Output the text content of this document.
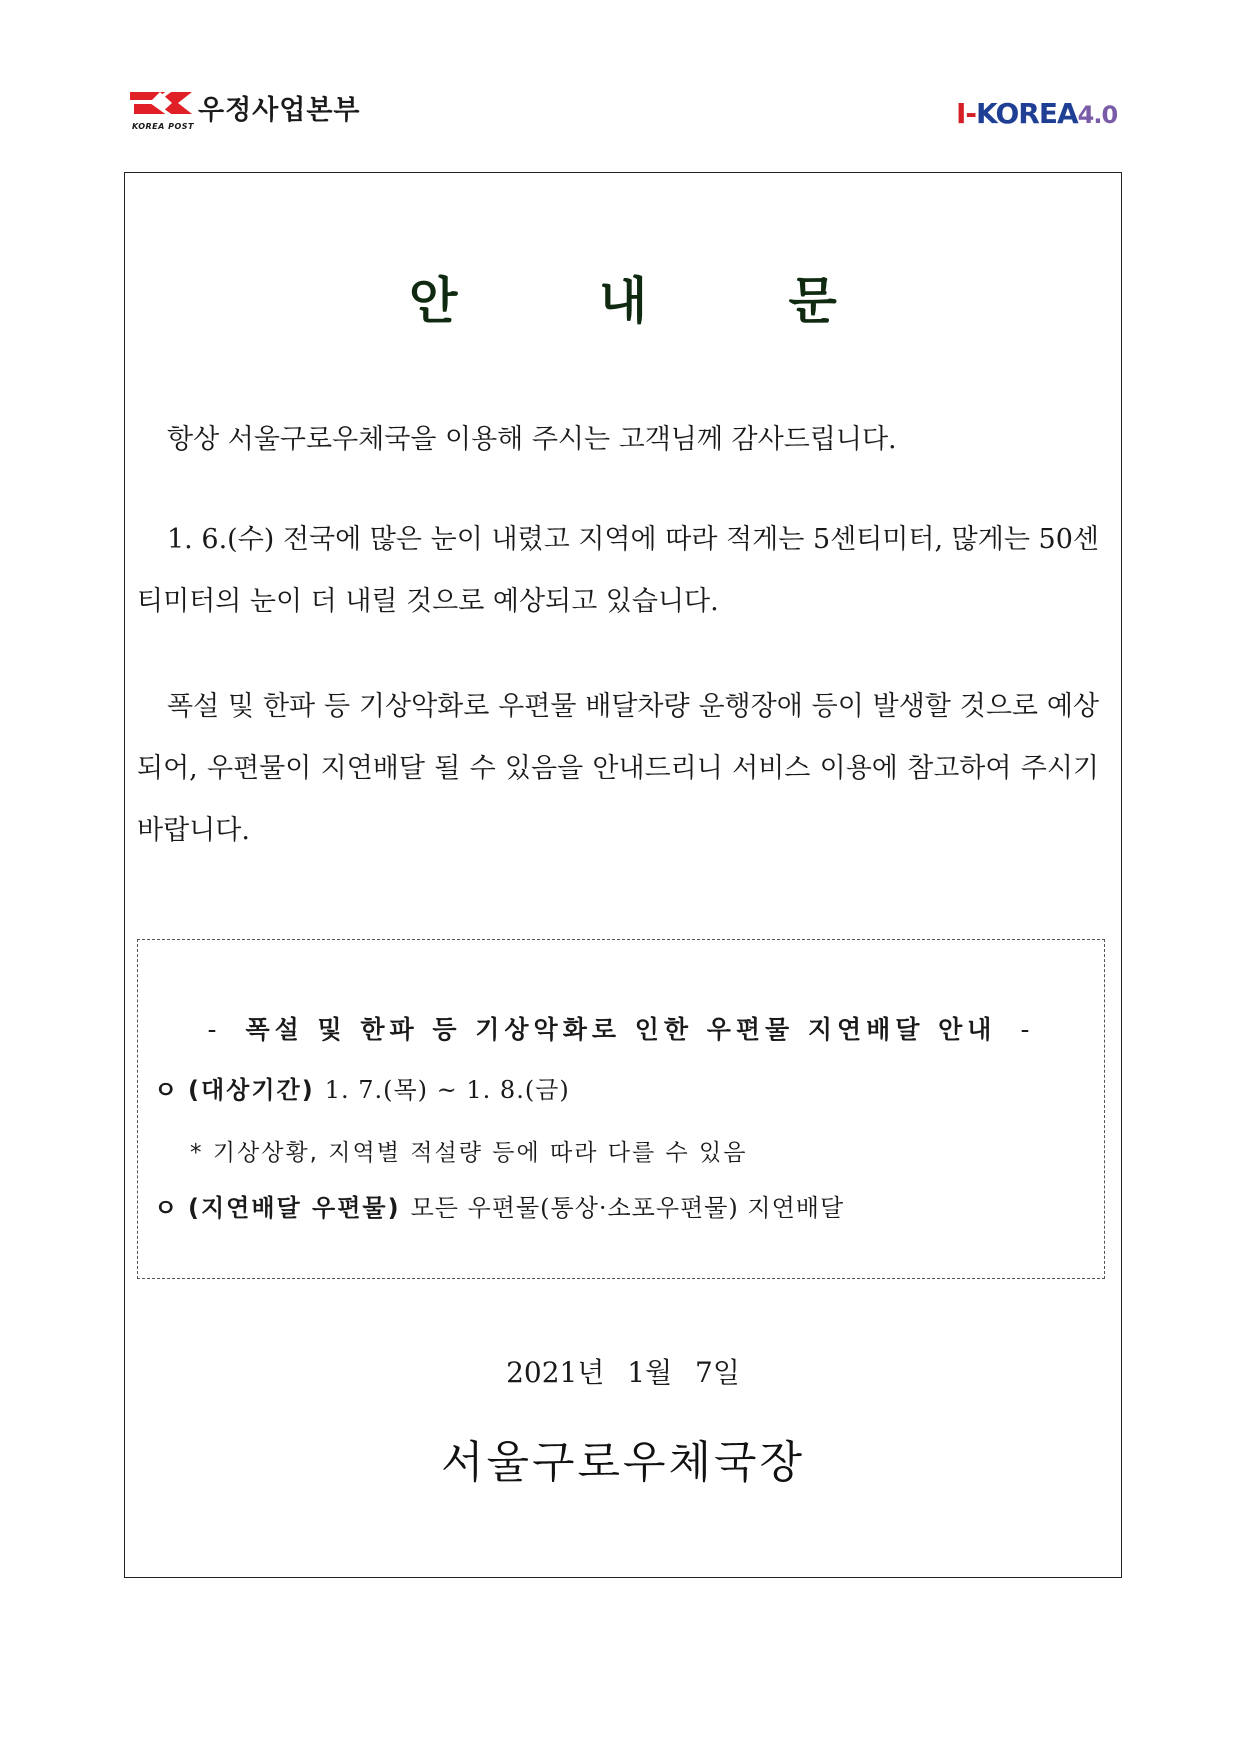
우정사업본부
KOREA POST	I-KOREA4.0
안 내 문
항상 서울구로우체국을 이용해 주시는 고객님께 감사드립니다.
1. 6.(수) 전국에 많은 눈이 내렸고 지역에 따라 적게는 5센티미터, 많게는 50센티미터의 눈이 더 내릴 것으로 예상되고 있습니다.
폭설 및 한파 등 기상악화로 우편물 배달차량 운행장애 등이 발생할 것으로 예상되어, 우편물이 지연배달 될 수 있음을 안내드리니 서비스 이용에 참고하여 주시기 바랍니다.
- 폭설 및 한파 등 기상악화로 인한 우편물 지연배달 안내 -
ㅇ (대상기간) 1. 7.(목) ~ 1. 8.(금)
* 기상상황, 지역별 적설량 등에 따라 다를 수 있음
ㅇ (지연배달 우편물) 모든 우편물(통상·소포우편물) 지연배달
2021년 1월 7일
서울구로우체국장
